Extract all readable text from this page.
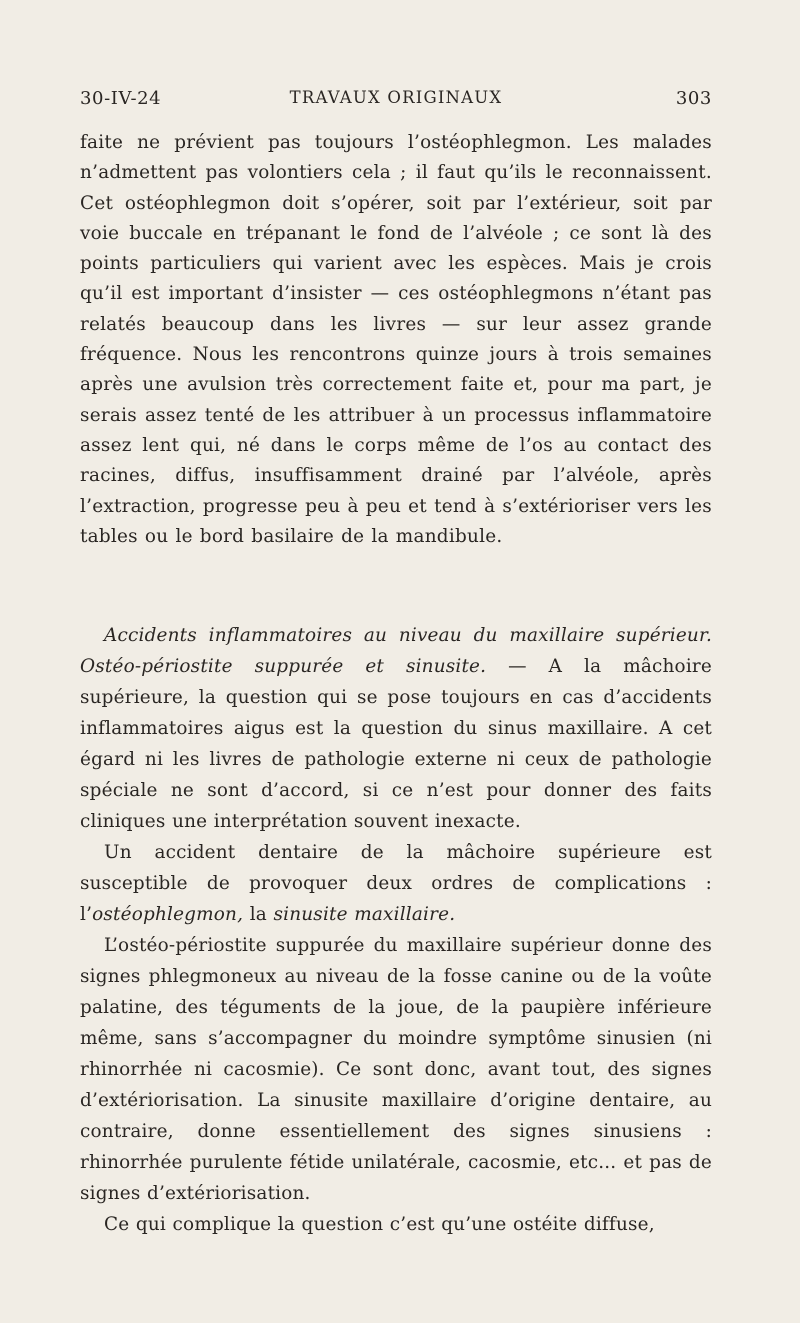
30-IV-24	TRAVAUX ORIGINAUX	303

faite ne prévient pas toujours l’ostéophlegmon. Les malades n’admettent pas volontiers cela ; il faut qu’ils le reconnaissent. Cet ostéophlegmon doit s’opérer, soit par l’extérieur, soit par voie buccale en trépanant le fond de l’alvéole ; ce sont là des points particuliers qui varient avec les espèces. Mais je crois qu’il est important d’insister — ces ostéophlegmons n’étant pas relatés beaucoup dans les livres — sur leur assez grande fréquence. Nous les rencontrons quinze jours à trois semaines après une avulsion très correctement faite et, pour ma part, je serais assez tenté de les attribuer à un processus inflammatoire assez lent qui, né dans le corps même de l’os au contact des racines, diffus, insuffisamment drainé par l’alvéole, après l’extraction, progresse peu à peu et tend à s’extérioriser vers les tables ou le bord basilaire de la mandibule.

Accidents inflammatoires au niveau du maxillaire supérieur. Ostéo-périostite suppurée et sinusite. — A la mâchoire supérieure, la question qui se pose toujours en cas d’accidents inflammatoires aigus est la question du sinus maxillaire. A cet égard ni les livres de pathologie externe ni ceux de pathologie spéciale ne sont d’accord, si ce n’est pour donner des faits cliniques une interprétation souvent inexacte.

Un accident dentaire de la mâchoire supérieure est susceptible de provoquer deux ordres de complications : l’ostéophlegmon, la sinusite maxillaire.

L’ostéo-périostite suppurée du maxillaire supérieur donne des signes phlegmoneux au niveau de la fosse canine ou de la voûte palatine, des téguments de la joue, de la paupière inférieure même, sans s’accompagner du moindre symptôme sinusien (ni rhinorrhée ni cacosmie). Ce sont donc, avant tout, des signes d’extériorisation. La sinusite maxillaire d’origine dentaire, au contraire, donne essentiellement des signes sinusiens : rhinorrhée purulente fétide unilatérale, cacosmie, etc... et pas de signes d’extériorisation.

Ce qui complique la question c’est qu’une ostéite diffuse,
